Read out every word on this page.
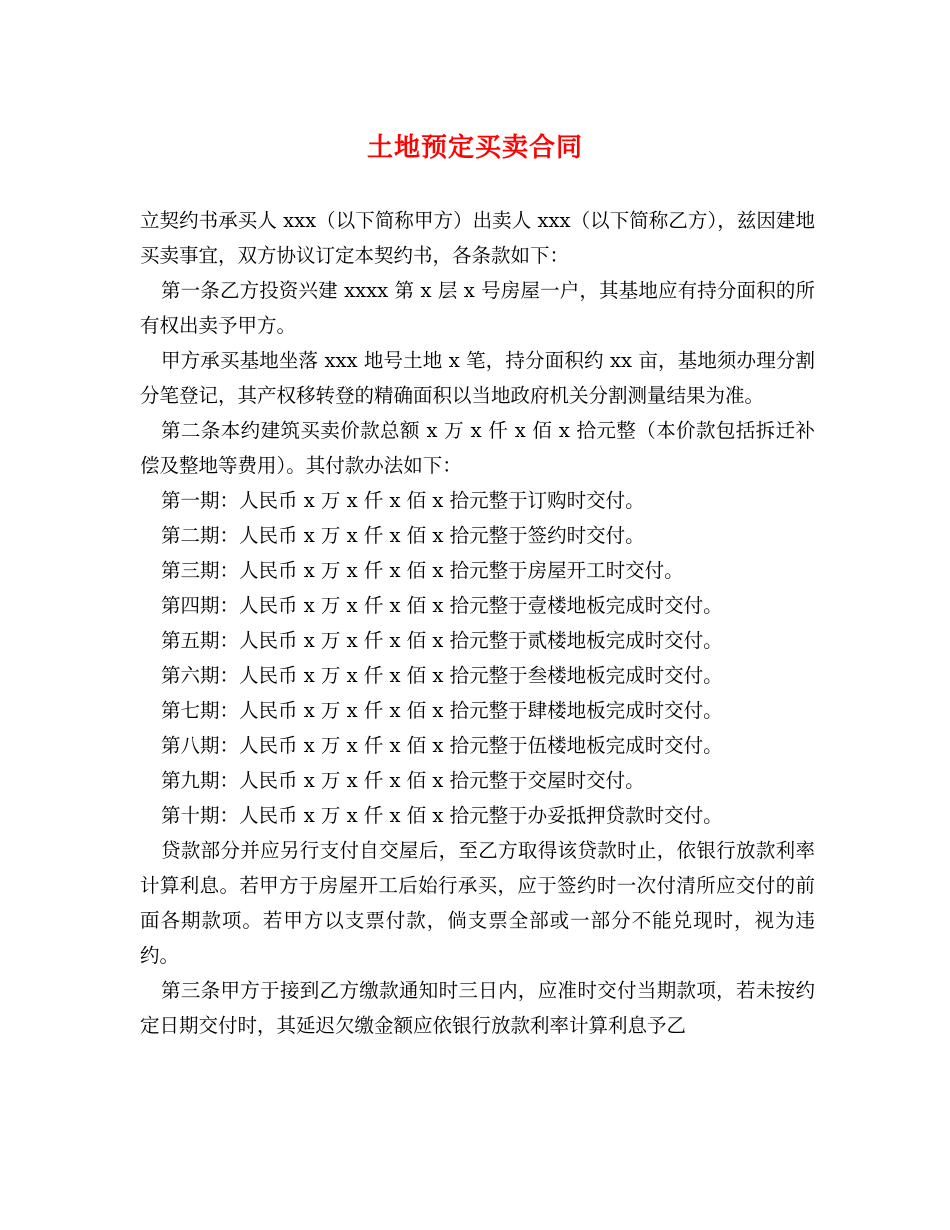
土地预定买卖合同

立契约书承买人 xxx（以下简称甲方）出卖人 xxx（以下简称乙方），兹因建地买卖事宜，双方协议订定本契约书，各条款如下：

第一条乙方投资兴建 xxxx 第 x 层 x 号房屋一户，其基地应有持分面积的所有权出卖予甲方。

甲方承买基地坐落 xxx 地号土地 x 笔，持分面积约 xx 亩，基地须办理分割分笔登记，其产权移转登的精确面积以当地政府机关分割测量结果为准。

第二条本约建筑买卖价款总额 x 万 x 仟 x 佰 x 拾元整（本价款包括拆迁补偿及整地等费用）。其付款办法如下：

第一期：人民币 x 万 x 仟 x 佰 x 拾元整于订购时交付。
第二期：人民币 x 万 x 仟 x 佰 x 拾元整于签约时交付。
第三期：人民币 x 万 x 仟 x 佰 x 拾元整于房屋开工时交付。
第四期：人民币 x 万 x 仟 x 佰 x 拾元整于壹楼地板完成时交付。
第五期：人民币 x 万 x 仟 x 佰 x 拾元整于贰楼地板完成时交付。
第六期：人民币 x 万 x 仟 x 佰 x 拾元整于叁楼地板完成时交付。
第七期：人民币 x 万 x 仟 x 佰 x 拾元整于肆楼地板完成时交付。
第八期：人民币 x 万 x 仟 x 佰 x 拾元整于伍楼地板完成时交付。
第九期：人民币 x 万 x 仟 x 佰 x 拾元整于交屋时交付。
第十期：人民币 x 万 x 仟 x 佰 x 拾元整于办妥抵押贷款时交付。

贷款部分并应另行支付自交屋后，至乙方取得该贷款时止，依银行放款利率计算利息。若甲方于房屋开工后始行承买，应于签约时一次付清所应交付的前面各期款项。若甲方以支票付款，倘支票全部或一部分不能兑现时，视为违约。

第三条甲方于接到乙方缴款通知时三日内，应准时交付当期款项，若未按约定日期交付时，其延迟欠缴金额应依银行放款利率计算利息予乙
